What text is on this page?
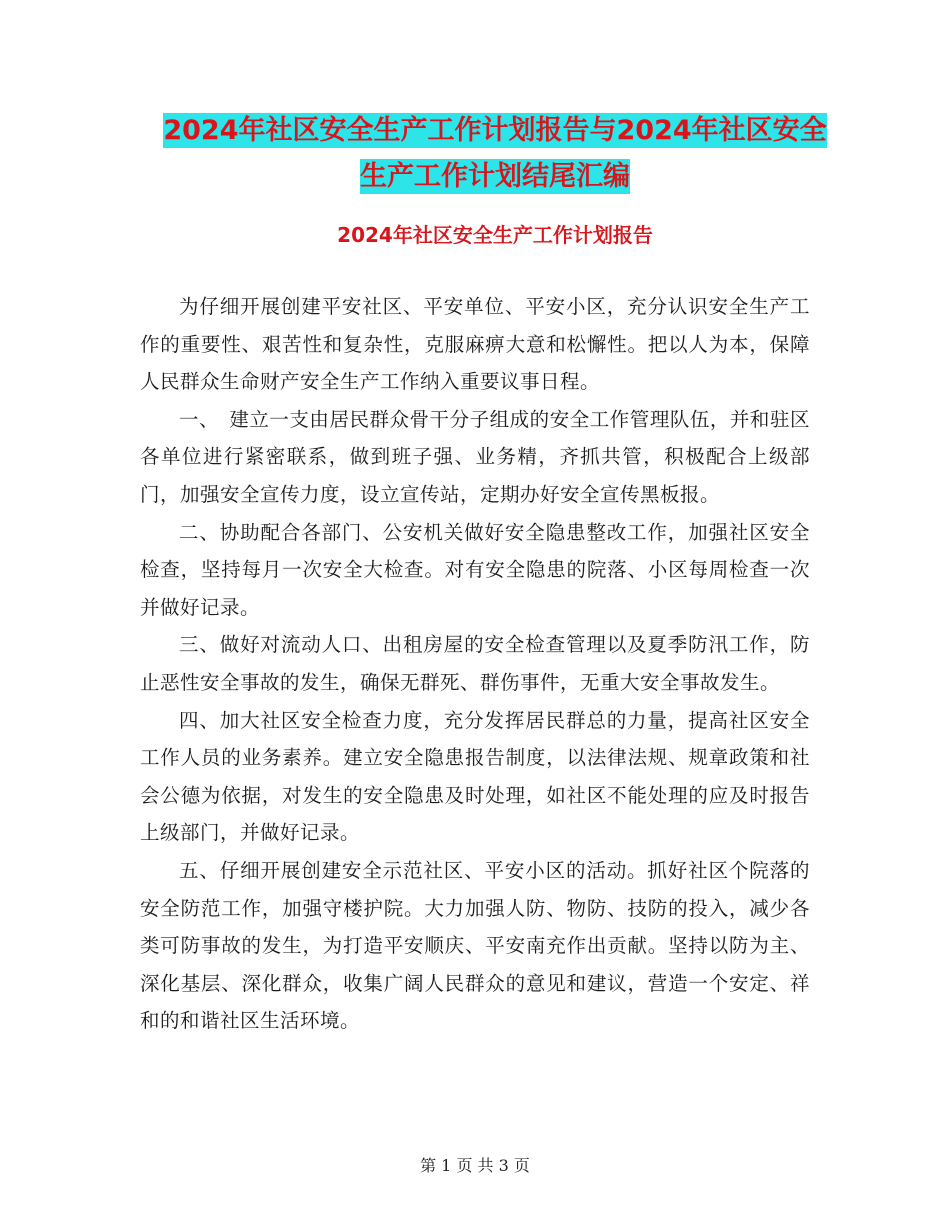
2024年社区安全生产工作计划报告与2024年社区安全
生产工作计划结尾汇编
2024年社区安全生产工作计划报告

为仔细开展创建平安社区、平安单位、平安小区，充分认识安全生产工作的重要性、艰苦性和复杂性，克服麻痹大意和松懈性。把以人为本，保障人民群众生命财产安全生产工作纳入重要议事日程。

一、　建立一支由居民群众骨干分子组成的安全工作管理队伍，并和驻区各单位进行紧密联系，做到班子强、业务精，齐抓共管，积极配合上级部门，加强安全宣传力度，设立宣传站，定期办好安全宣传黑板报。

二、协助配合各部门、公安机关做好安全隐患整改工作，加强社区安全检查，坚持每月一次安全大检查。对有安全隐患的院落、小区每周检查一次并做好记录。

三、做好对流动人口、出租房屋的安全检查管理以及夏季防汛工作，防止恶性安全事故的发生，确保无群死、群伤事件，无重大安全事故发生。

四、加大社区安全检查力度，充分发挥居民群总的力量，提高社区安全工作人员的业务素养。建立安全隐患报告制度，以法律法规、规章政策和社会公德为依据，对发生的安全隐患及时处理，如社区不能处理的应及时报告上级部门，并做好记录。

五、仔细开展创建安全示范社区、平安小区的活动。抓好社区个院落的安全防范工作，加强守楼护院。大力加强人防、物防、技防的投入，减少各类可防事故的发生，为打造平安顺庆、平安南充作出贡献。坚持以防为主、深化基层、深化群众，收集广阔人民群众的意见和建议，营造一个安定、祥和的和谐社区生活环境。

第 1 页 共 3 页
